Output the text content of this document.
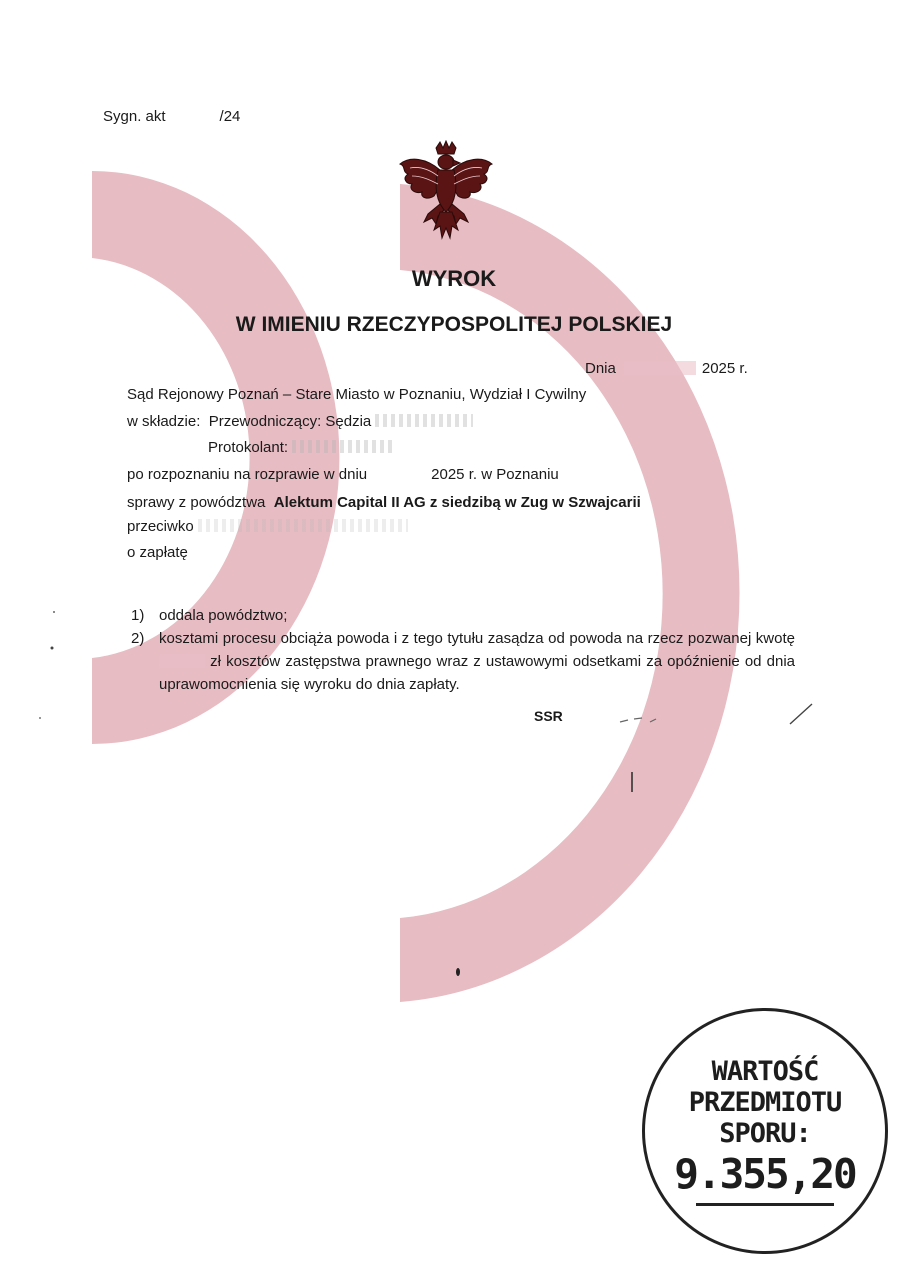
Sygn. akt	/24
WYROK
W IMIENIU RZECZYPOSPOLITEJ POLSKIEJ
Dnia	2025 r.
Sąd Rejonowy Poznań – Stare Miasto w Poznaniu, Wydział I Cywilny
w składzie: Przewodniczący: Sędzia
Protokolant:
po rozpoznaniu na rozprawie w dniu	2025 r. w Poznaniu
sprawy z powództwa Alektum Capital II AG z siedzibą w Zug w Szwajcarii
przeciwko
o zapłatę
1) oddala powództwo;
2) kosztami procesu obciąża powoda i z tego tytułu zasądza od powoda na rzecz pozwanej kwotę  zł kosztów zastępstwa prawnego wraz z ustawowymi odsetkami za opóźnienie od dnia uprawomocnienia się wyroku do dnia zapłaty.
SSR
WARTOŚĆ
PRZEDMIOTU
SPORU:
9.355,20
